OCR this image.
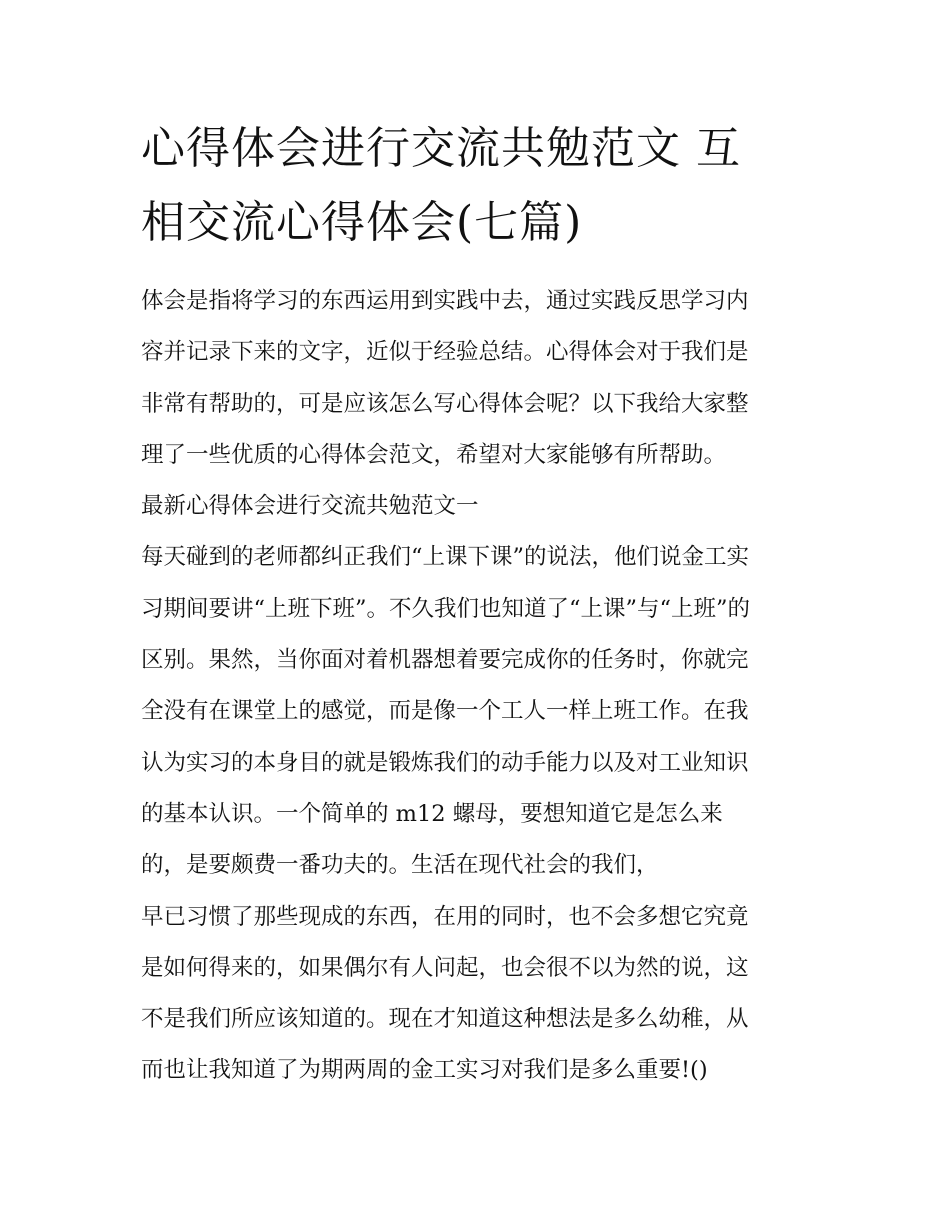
心得体会进行交流共勉范文 互
相交流心得体会(七篇)
体会是指将学习的东西运用到实践中去，通过实践反思学习内
容并记录下来的文字，近似于经验总结。心得体会对于我们是
非常有帮助的，可是应该怎么写心得体会呢？以下我给大家整
理了一些优质的心得体会范文，希望对大家能够有所帮助。
最新心得体会进行交流共勉范文一
每天碰到的老师都纠正我们“上课下课”的说法，他们说金工实
习期间要讲“上班下班”。不久我们也知道了“上课”与“上班”的
区别。果然，当你面对着机器想着要完成你的任务时，你就完
全没有在课堂上的感觉，而是像一个工人一样上班工作。在我
认为实习的本身目的就是锻炼我们的动手能力以及对工业知识
的基本认识。一个简单的 m12 螺母，要想知道它是怎么来
的，是要颇费一番功夫的。生活在现代社会的我们，
早已习惯了那些现成的东西，在用的同时，也不会多想它究竟
是如何得来的，如果偶尔有人问起，也会很不以为然的说，这
不是我们所应该知道的。现在才知道这种想法是多么幼稚，从
而也让我知道了为期两周的金工实习对我们是多么重要!()
